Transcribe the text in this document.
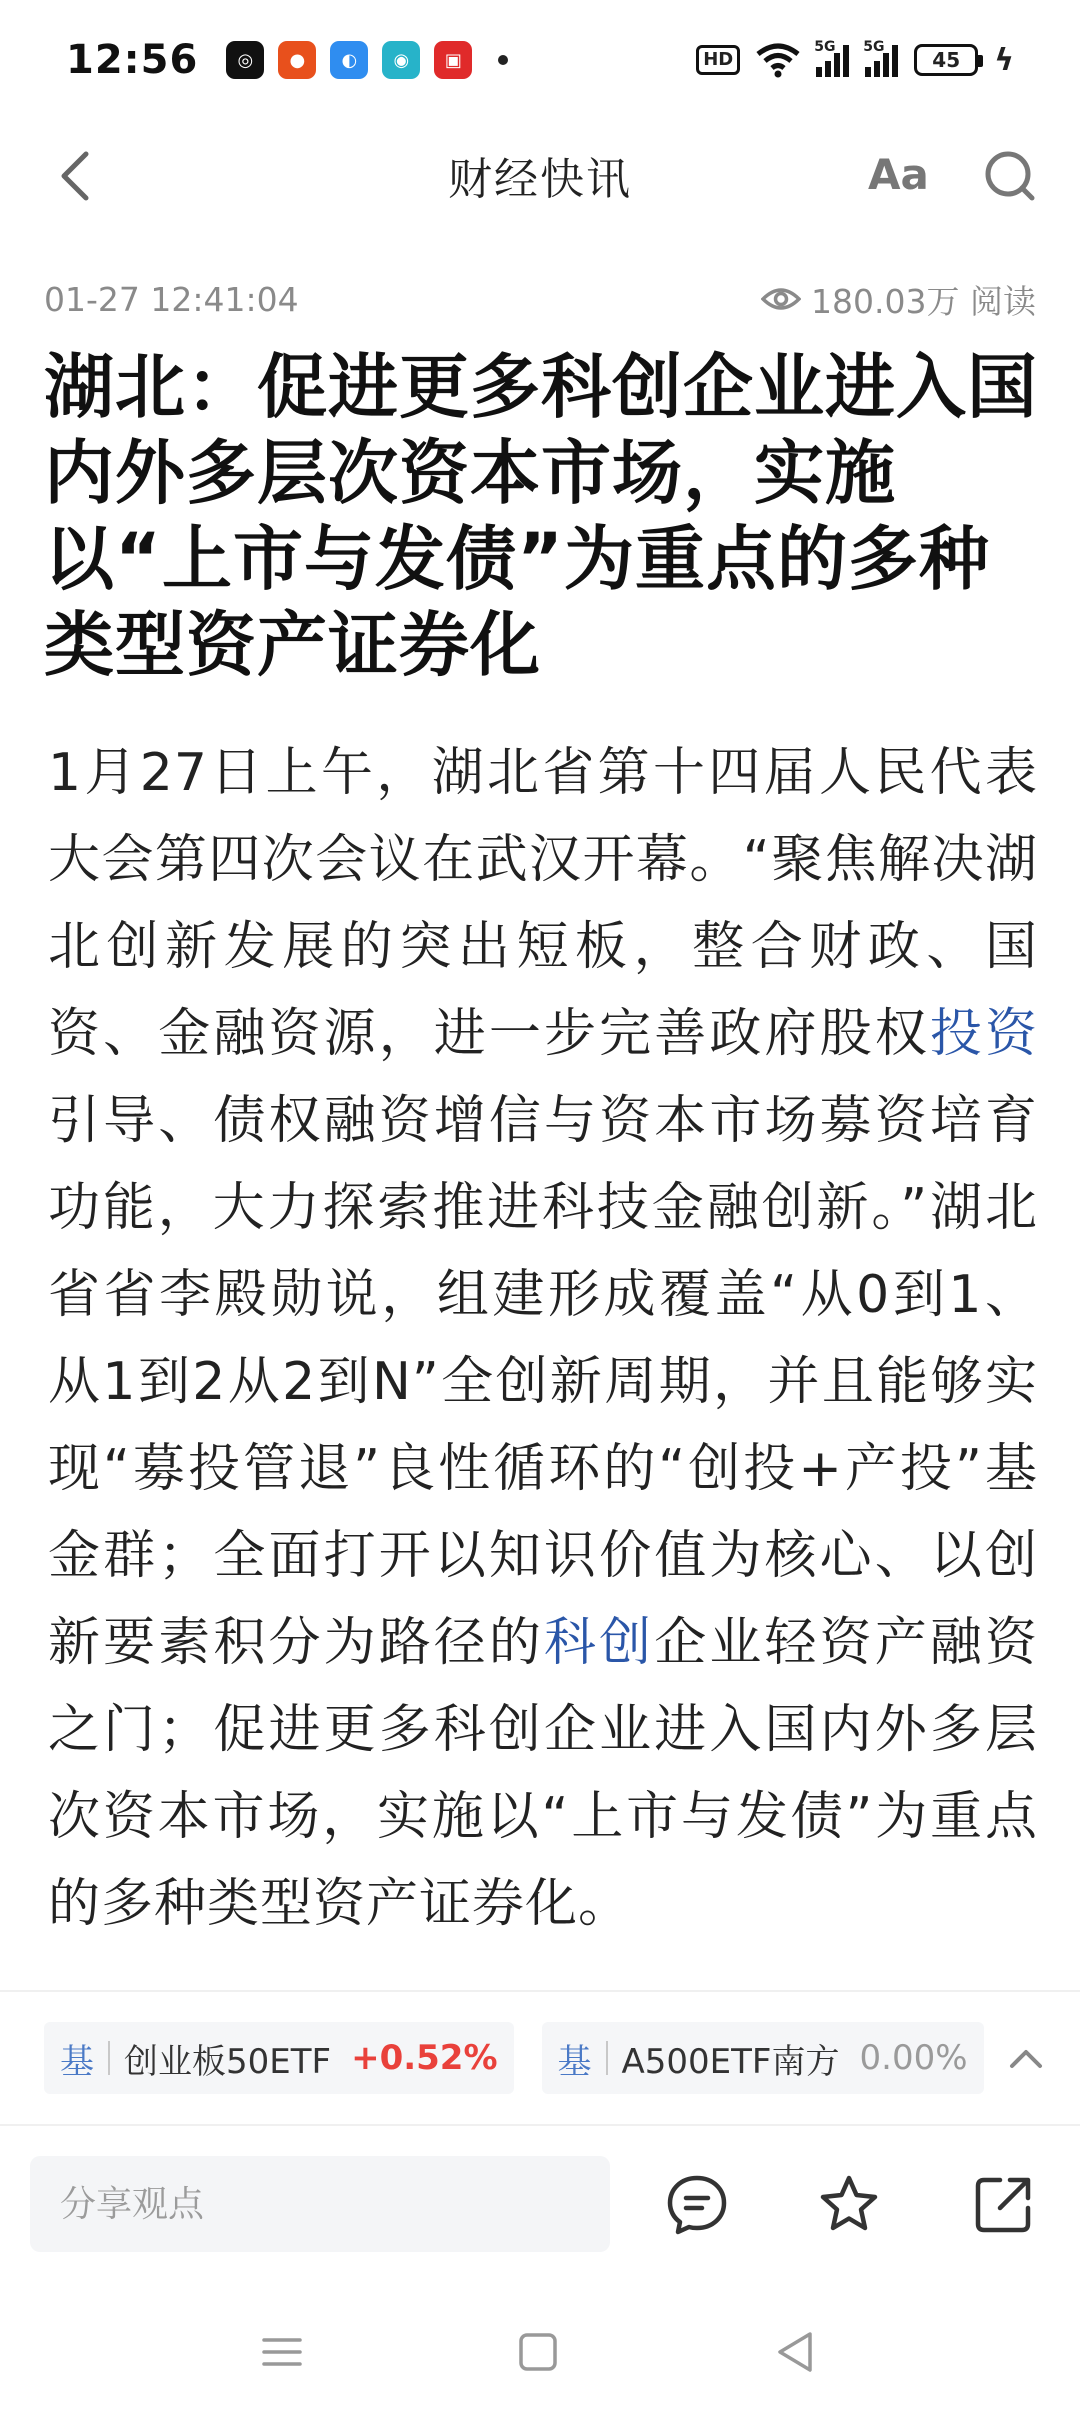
12:56	◎	●	◐	◉	▣	HD
5G 5G
45	ϟ
财经快讯	Aa
01-27 12:41:04	180.03万 阅读
湖北：促进更多科创企业进入国内外多层次资本市场，实施以“上市与发债”为重点的多种类型资产证券化
1月27日上午，湖北省第十四届人民代表大会第四次会议在武汉开幕。“聚焦解决湖北创新发展的突出短板，整合财政、国资、金融资源，进一步完善政府股权投资引导、债权融资增信与资本市场募资培育功能，大力探索推进科技金融创新。”湖北省省李殿勋说，组建形成覆盖“从0到1、从1到2从2到N”全创新周期，并且能够实现“募投管退”良性循环的“创投+产投”基金群；全面打开以知识价值为核心、以创新要素积分为路径的科创企业轻资产融资之门；促进更多科创企业进入国内外多层次资本市场，实施以“上市与发债”为重点的多种类型资产证券化。
基 创业板50ETF +0.52% 基 A500ETF南方 0.00%
分享观点
